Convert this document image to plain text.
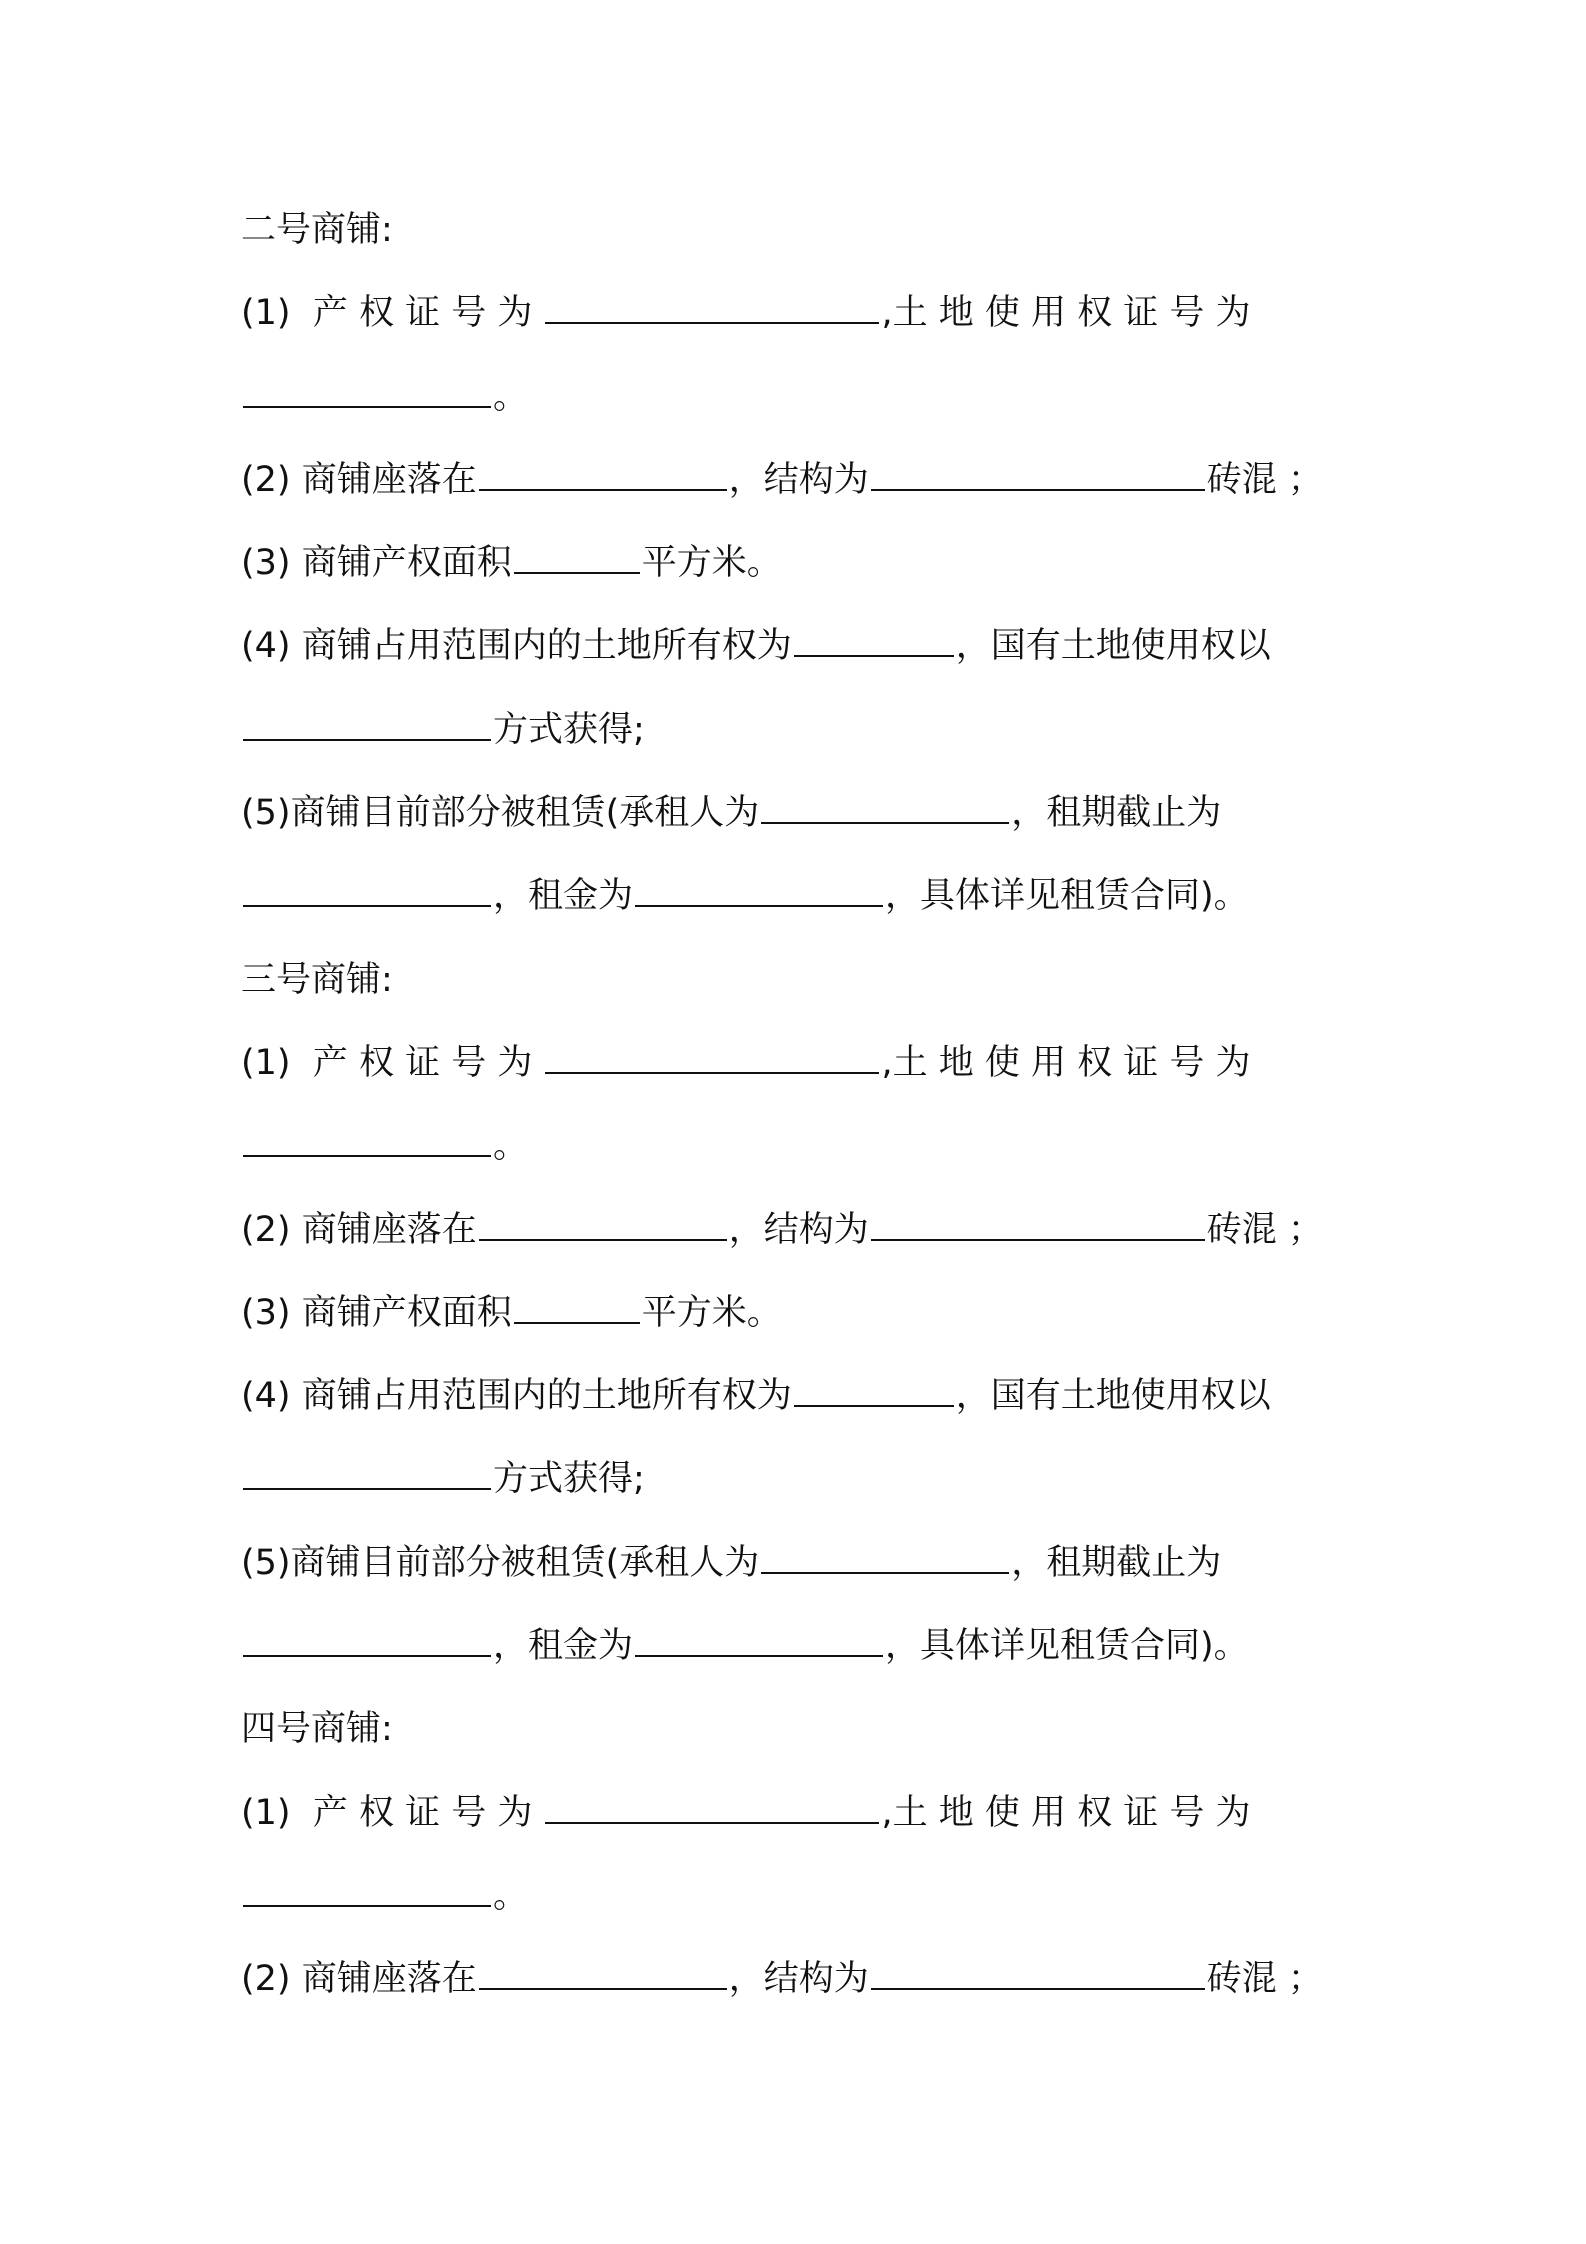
二号商铺:
(1)  产 权 证 号 为	,土 地 使 用 权 证 号 为
。
(2) 商铺座落在	，结构为	砖混 ；
(3) 商铺产权面积	平方米。
(4) 商铺占用范围内的土地所有权为	，国有土地使用权以
方式获得;
(5)商铺目前部分被租赁(承租人为	，租期截止为
，租金为	，具体详见租赁合同)。
三号商铺:
(1)  产 权 证 号 为	,土 地 使 用 权 证 号 为
。
(2) 商铺座落在	，结构为	砖混 ；
(3) 商铺产权面积	平方米。
(4) 商铺占用范围内的土地所有权为	，国有土地使用权以
方式获得;
(5)商铺目前部分被租赁(承租人为	，租期截止为
，租金为	，具体详见租赁合同)。
四号商铺:
(1)  产 权 证 号 为	,土 地 使 用 权 证 号 为
。
(2) 商铺座落在	，结构为	砖混 ；
